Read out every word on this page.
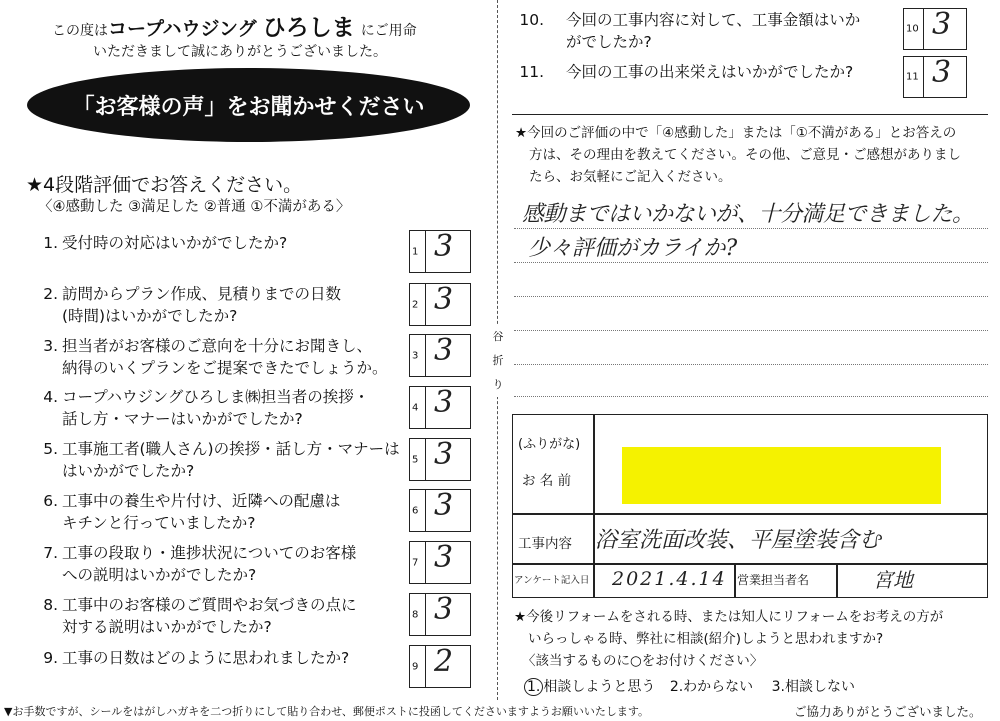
この度はコープハウジング ひろしま にご用命
いただきまして誠にありがとうございました。
「お客様の声」をお聞かせください
★4段階評価でお答えください。
〈④感動した ③満足した ②普通 ①不満がある〉
1. 受付時の対応はいかがでしたか?	1 3
2. 訪問からプラン作成、見積りまでの日数
(時間)はいかがでしたか?
2 3
3. 担当者がお客様のご意向を十分にお聞きし、
納得のいくプランをご提案できたでしょうか。
3 3
4. コープハウジングひろしま㈱担当者の挨拶・
話し方・マナーはいかがでしたか?
4 3
5. 工事施工者(職人さん)の挨拶・話し方・マナーは
はいかがでしたか?
5 3
6. 工事中の養生や片付け、近隣への配慮は
キチンと行っていましたか?
6 3
7. 工事の段取り・進捗状況についてのお客様
への説明はいかがでしたか?
7 3
8. 工事中のお客様のご質問やお気づきの点に
対する説明はいかがでしたか?
8 3
9. 工事の日数はどのように思われましたか?	9 2
谷
折
り
10. 今回の工事内容に対して、工事金額はいか
がでしたか?
10 3
11. 今回の工事の出来栄えはいかがでしたか?	11 3
★今回のご評価の中で「④感動した」または「①不満がある」とお答えの
方は、その理由を教えてください。その他、ご意見・ご感想がありまし
たら、お気軽にご記入ください。
感動まではいかないが、十分満足できました。
少々評価がカライか?
(ふりがな)
お 名 前
工事内容 浴室洗面改装、平屋塗装含む
アンケート記入日 2021.4.14 営業担当者名	宮地
★今後リフォームをされる時、または知人にリフォームをお考えの方が
いらっしゃる時、弊社に相談(紹介)しようと思われますか?
〈該当するものに○をお付けください〉
1. 相談しようと思う 2.わからない 3.相談しない
▼お手数ですが、シールをはがしハガキを二つ折りにして貼り合わせ、郵便ポストに投函してくださいますようお願いいたします。	ご協力ありがとうございました。
